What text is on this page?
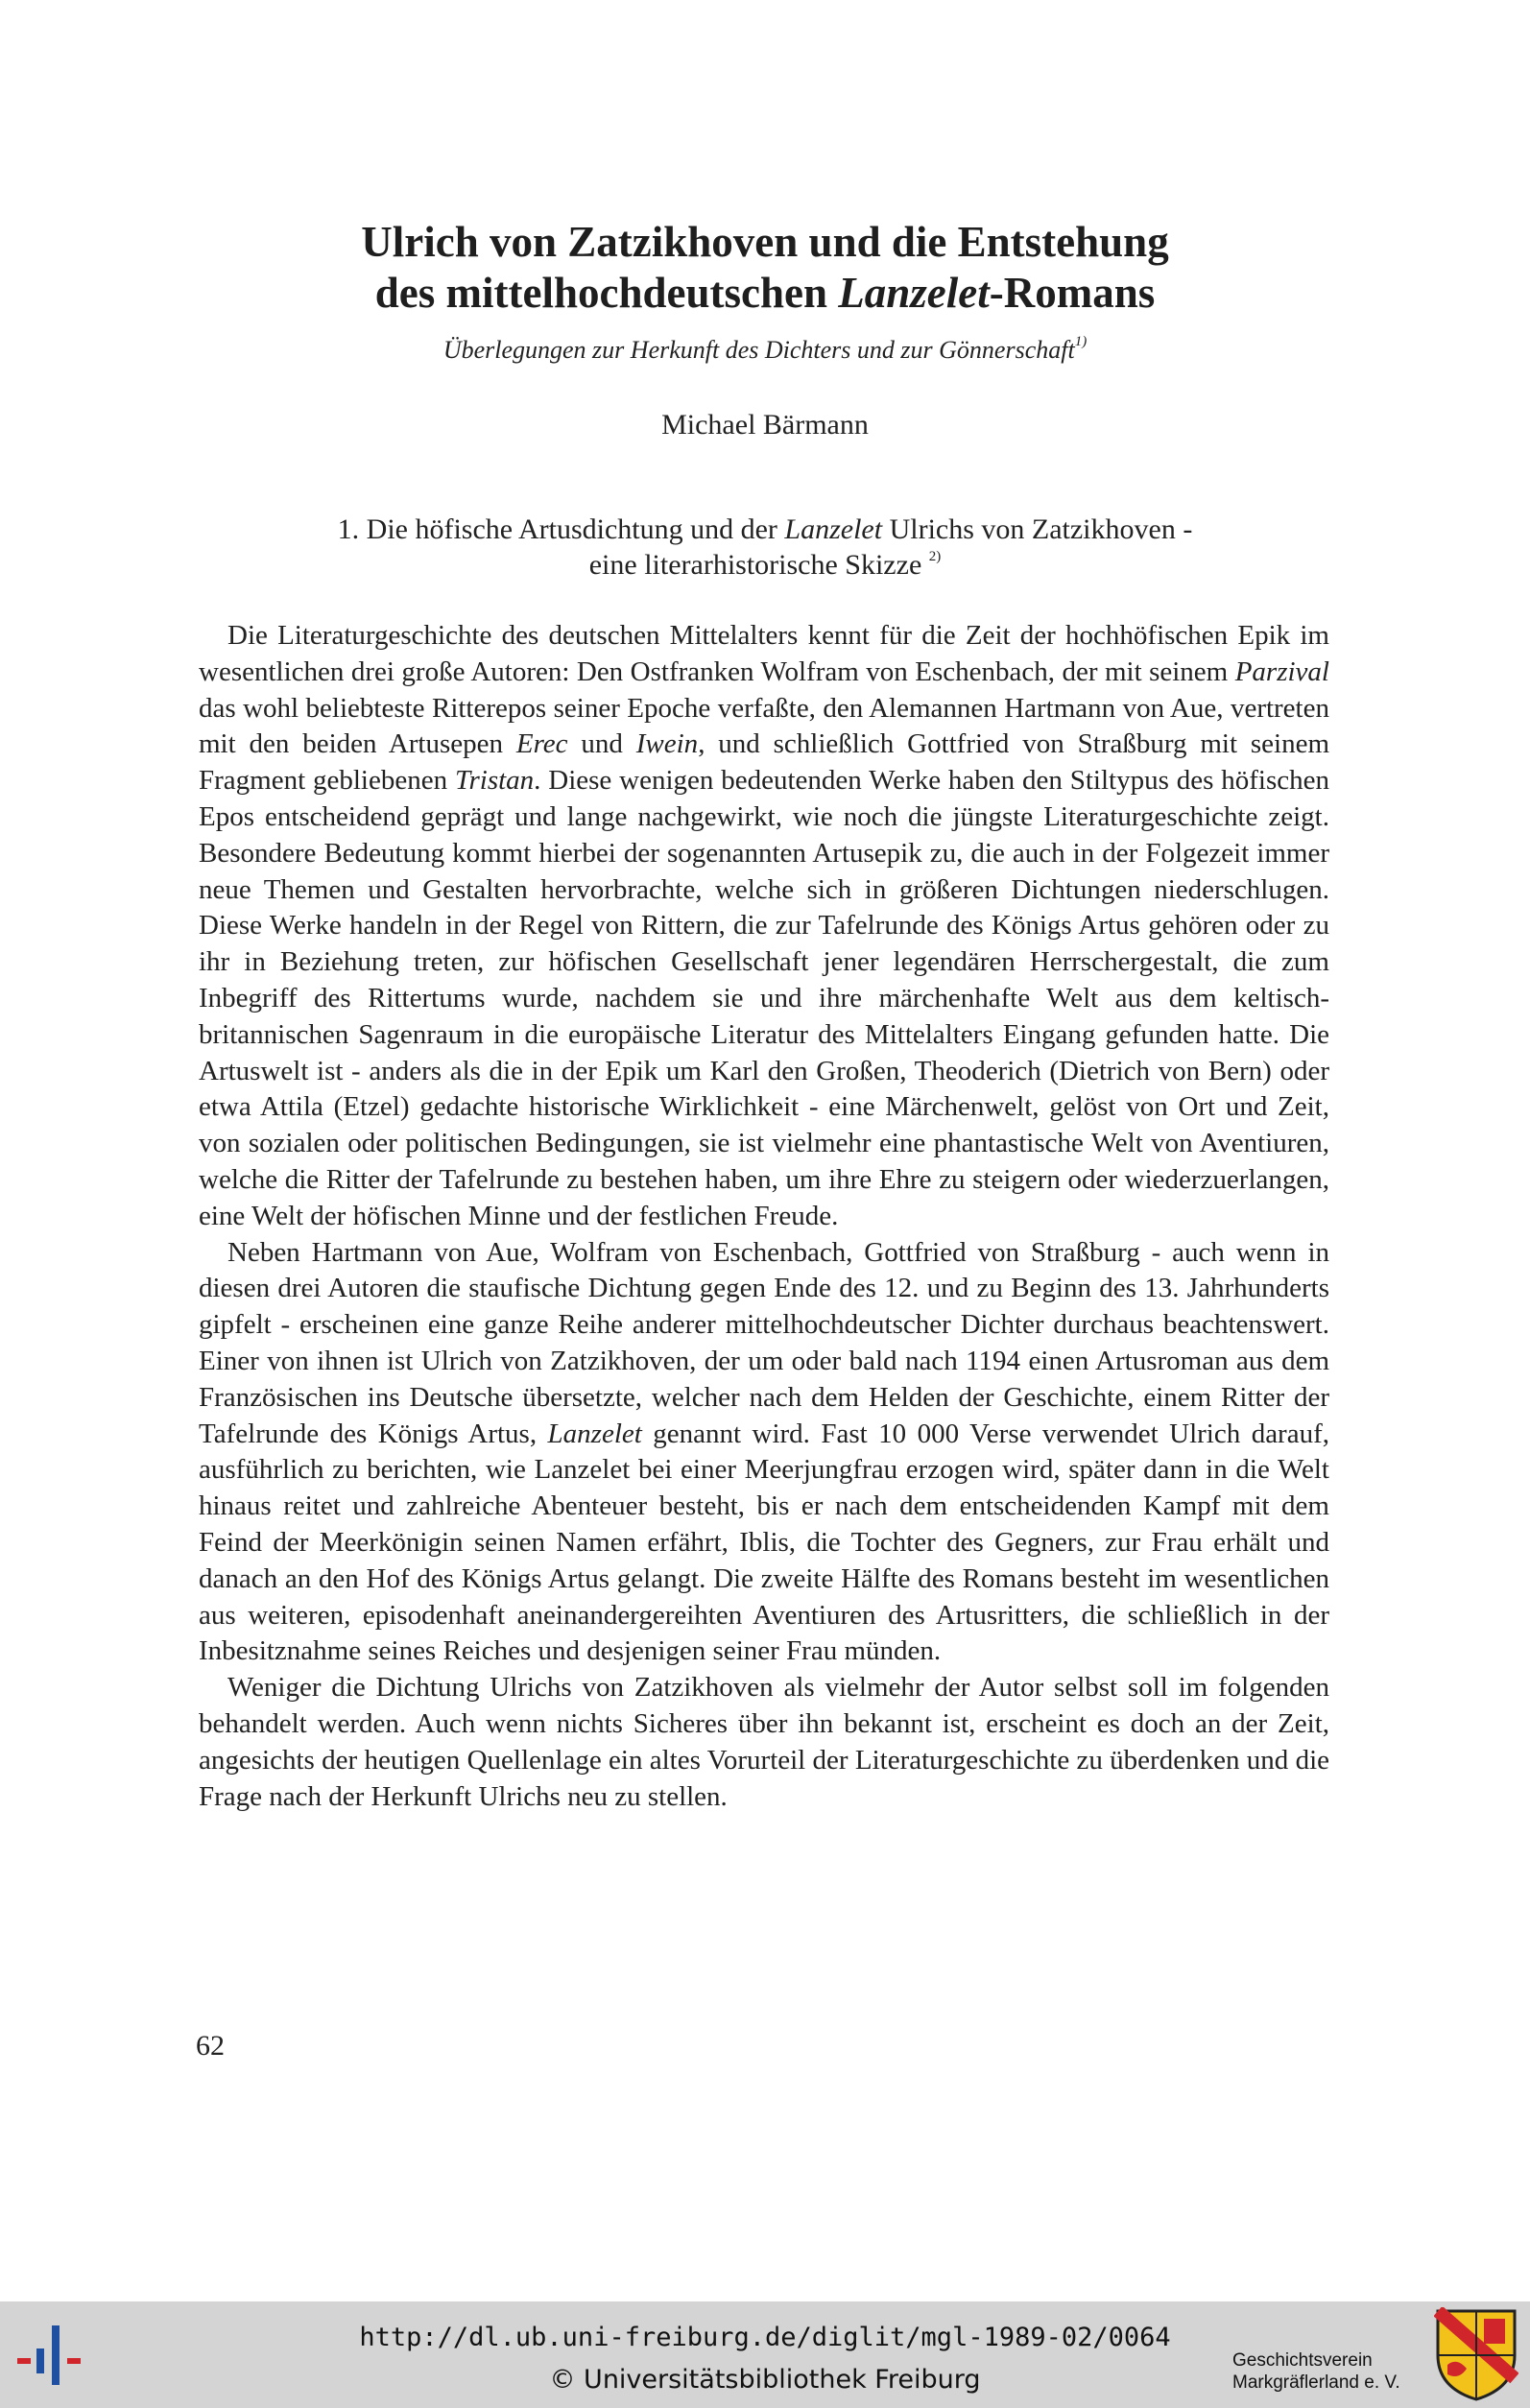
Ulrich von Zatzikhoven und die Entstehung
des mittelhochdeutschen Lanzelet-Romans

Überlegungen zur Herkunft des Dichters und zur Gönnerschaft$^{1)}$

Michael Bärmann

1. Die höfische Artusdichtung und der Lanzelet Ulrichs von Zatzikhoven -

eine literarhistorische Skizze $^{2)}$

Die Literaturgeschichte des deutschen Mittelalters kennt für die Zeit der hochhöfischen Epik im wesentlichen drei große Autoren: Den Ostfranken Wolfram von Eschenbach, der mit seinem Parzival das wohl beliebteste Ritterepos seiner Epoche verfaßte, den Alemannen Hartmann von Aue, vertreten mit den beiden Artusepen Erec und Iwein, und schließlich Gottfried von Straßburg mit seinem Fragment gebliebenen Tristan. Diese wenigen bedeutenden Werke haben den Stiltypus des höfischen Epos entscheidend geprägt und lange nachgewirkt, wie noch die jüngste Literaturgeschichte zeigt. Besondere Bedeutung kommt hierbei der sogenannten Artusepik zu, die auch in der Folgezeit immer neue Themen und Gestalten hervorbrachte, welche sich in größeren Dichtungen niederschlugen. Diese Werke handeln in der Regel von Rittern, die zur Tafelrunde des Königs Artus gehören oder zu ihr in Beziehung treten, zur höfischen Gesellschaft jener legendären Herrschergestalt, die zum Inbegriff des Rittertums wurde, nachdem sie und ihre märchenhafte Welt aus dem keltisch-britannischen Sagenraum in die europäische Literatur des Mittelalters Eingang gefunden hatte. Die Artuswelt ist - anders als die in der Epik um Karl den Großen, Theoderich (Dietrich von Bern) oder etwa Attila (Etzel) gedachte historische Wirklichkeit - eine Märchenwelt, gelöst von Ort und Zeit, von sozialen oder politischen Bedingungen, sie ist vielmehr eine phantastische Welt von Aventiuren, welche die Ritter der Tafelrunde zu bestehen haben, um ihre Ehre zu steigern oder wiederzuerlangen, eine Welt der höfischen Minne und der festlichen Freude.

Neben Hartmann von Aue, Wolfram von Eschenbach, Gottfried von Straßburg - auch wenn in diesen drei Autoren die staufische Dichtung gegen Ende des 12. und zu Beginn des 13. Jahrhunderts gipfelt - erscheinen eine ganze Reihe anderer mittelhochdeutscher Dichter durchaus beachtenswert. Einer von ihnen ist Ulrich von Zatzikhoven, der um oder bald nach 1194 einen Artusroman aus dem Französischen ins Deutsche übersetzte, welcher nach dem Helden der Geschichte, einem Ritter der Tafelrunde des Königs Artus, Lanzelet genannt wird. Fast 10 000 Verse verwendet Ulrich darauf, ausführlich zu berichten, wie Lanzelet bei einer Meerjungfrau erzogen wird, später dann in die Welt hinaus reitet und zahlreiche Abenteuer besteht, bis er nach dem entscheidenden Kampf mit dem Feind der Meerkönigin seinen Namen erfährt, Iblis, die Tochter des Gegners, zur Frau erhält und danach an den Hof des Königs Artus gelangt. Die zweite Hälfte des Romans besteht im wesentlichen aus weiteren, episodenhaft aneinandergereihten Aventiuren des Artusritters, die schließlich in der Inbesitznahme seines Reiches und desjenigen seiner Frau münden.

Weniger die Dichtung Ulrichs von Zatzikhoven als vielmehr der Autor selbst soll im folgenden behandelt werden. Auch wenn nichts Sicheres über ihn bekannt ist, erscheint es doch an der Zeit, angesichts der heutigen Quellenlage ein altes Vorurteil der Literaturgeschichte zu überdenken und die Frage nach der Herkunft Ulrichs neu zu stellen.

62

http://dl.ub.uni-freiburg.de/diglit/mgl-1989-02/0064
© Universitätsbibliothek Freiburg
Geschichtsverein
Markgräflerland e. V.
